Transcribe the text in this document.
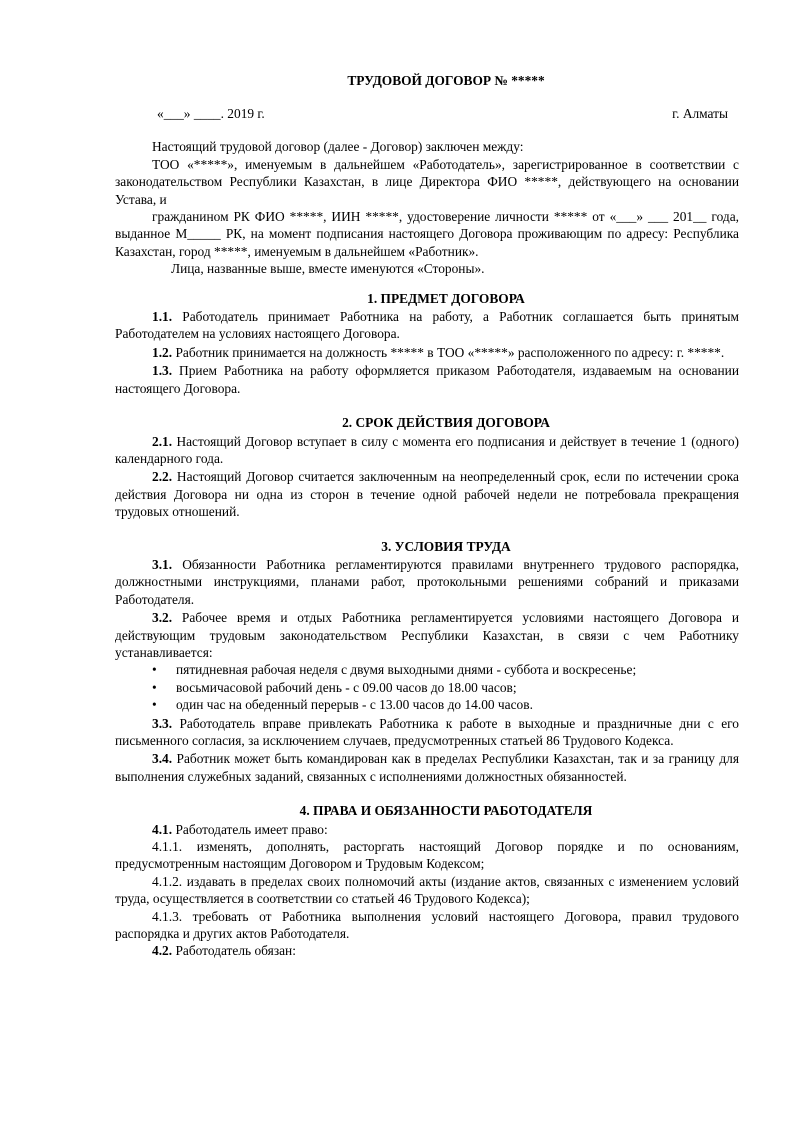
ТРУДОВОЙ ДОГОВОР № *****
«___» ____. 2019 г.	г. Алматы

Настоящий трудовой договор (далее - Договор) заключен между:

ТОО «*****», именуемым в дальнейшем «Работодатель», зарегистрированное в соответствии с законодательством Республики Казахстан, в лице Директора ФИО *****, действующего на основании Устава, и

гражданином РК ФИО *****, ИИН *****, удостоверение личности ***** от «___» ___ 201__ года, выданное М_____ РК, на момент подписания настоящего Договора проживающим по адресу: Республика Казахстан, город *****, именуемым в дальнейшем «Работник».

Лица, названные выше, вместе именуются «Стороны».

1. ПРЕДМЕТ ДОГОВОРА

1.1. Работодатель принимает Работника на работу, а Работник соглашается быть принятым Работодателем на условиях настоящего Договора.

1.2. Работник принимается на должность ***** в ТОО «*****» расположенного по адресу: г. *****.

1.3. Прием Работника на работу оформляется приказом Работодателя, издаваемым на основании настоящего Договора.

2. СРОК ДЕЙСТВИЯ ДОГОВОРА

2.1. Настоящий Договор вступает в силу с момента его подписания и действует в течение 1 (одного) календарного года.

2.2. Настоящий Договор считается заключенным на неопределенный срок, если по истечении срока действия Договора ни одна из сторон в течение одной рабочей недели не потребовала прекращения трудовых отношений.

3. УСЛОВИЯ ТРУДА

3.1. Обязанности Работника регламентируются правилами внутреннего трудового распорядка, должностными инструкциями, планами работ, протокольными решениями собраний и приказами Работодателя.

3.2. Рабочее время и отдых Работника регламентируется условиями настоящего Договора и действующим трудовым законодательством Республики Казахстан, в связи с чем Работнику устанавливается:

• пятидневная рабочая неделя с двумя выходными днями - суббота и воскресенье;
• восьмичасовой рабочий день - с 09.00 часов до 18.00 часов;
• один час на обеденный перерыв - с 13.00 часов до 14.00 часов.

3.3. Работодатель вправе привлекать Работника к работе в выходные и праздничные дни с его письменного согласия, за исключением случаев, предусмотренных статьей 86 Трудового Кодекса.

3.4. Работник может быть командирован как в пределах Республики Казахстан, так и за границу для выполнения служебных заданий, связанных с исполнениями должностных обязанностей.

4. ПРАВА И ОБЯЗАННОСТИ РАБОТОДАТЕЛЯ

4.1. Работодатель имеет право:

4.1.1. изменять, дополнять, расторгать настоящий Договор порядке и по основаниям, предусмотренным настоящим Договором и Трудовым Кодексом;

4.1.2. издавать в пределах своих полномочий акты (издание актов, связанных с изменением условий труда, осуществляется в соответствии со статьей 46 Трудового Кодекса);

4.1.3. требовать от Работника выполнения условий настоящего Договора, правил трудового распорядка и других актов Работодателя.

4.2. Работодатель обязан:
